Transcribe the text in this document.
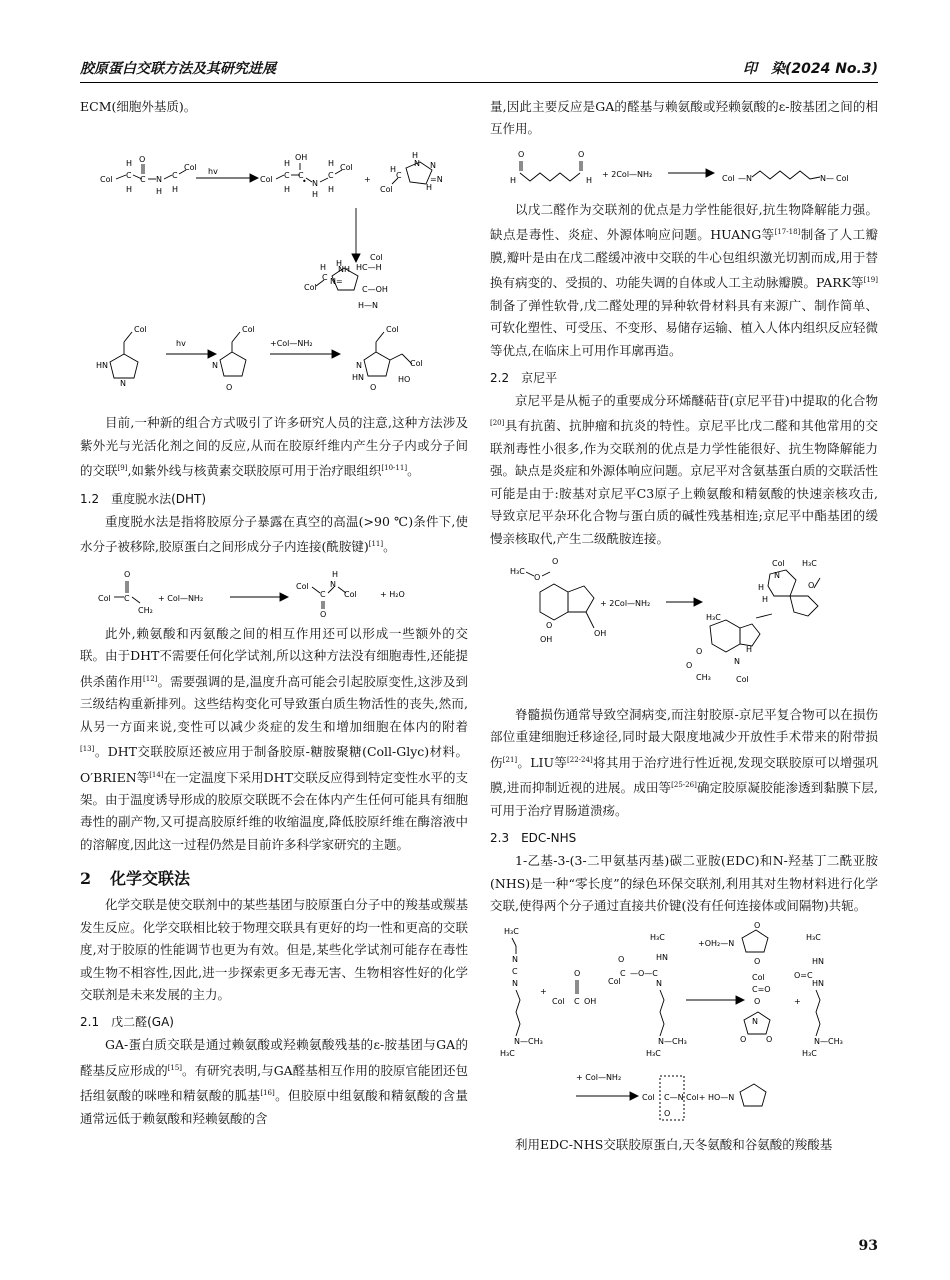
胶原蛋白交联方法及其研究进展	印　染(2024 No.3)

ECM(细胞外基质)。

Col C
H
H
C
O
N
H
C
H
Col hv
Col C
H
H
C
OH
• N
H
C
H
H Col
+
Col
C
H
H
N N
H
=N
Col
C
H H
NH
N=
Col
HC—H
C—OH
H—N
Col
HN
N
hv
Col
N
O
+Col—NH₂
Col
N
O
HN
Col
HO

目前,一种新的组合方式吸引了许多研究人员的注意,这种方法涉及紫外光与光活化剂之间的反应,从而在胶原纤维内产生分子内或分子间的交联[9],如紫外线与核黄素交联胶原可用于治疗眼组织[10-11]。

1.2　重度脱水法(DHT)

重度脱水法是指将胶原分子暴露在真空的高温(>90 ℃)条件下,使水分子被移除,胶原蛋白之间形成分子内连接(酰胺键)[11]。

Col C
O
CH₂
+ Col—NH₂
Col
C
O
H
N
Col	+ H₂O

此外,赖氨酸和丙氨酸之间的相互作用还可以形成一些额外的交联。由于DHT不需要任何化学试剂,所以这种方法没有细胞毒性,还能提供杀菌作用[12]。需要强调的是,温度升高可能会引起胶原变性,这涉及到三级结构重新排列。这些结构变化可导致蛋白质生物活性的丧失,然而,从另一方面来说,变性可以减少炎症的发生和增加细胞在体内的附着[13]。DHT交联胶原还被应用于制备胶原-糖胺聚糖(Coll-Glyc)材料。O′BRIEN等[14]在一定温度下采用DHT交联反应得到特定变性水平的支架。由于温度诱导形成的胶原交联既不会在体内产生任何可能具有细胞毒性的副产物,又可提高胶原纤维的收缩温度,降低胶原纤维在酶溶液中的溶解度,因此这一过程仍然是目前许多科学家研究的主题。

2 化学交联法

化学交联是使交联剂中的某些基团与胶原蛋白分子中的羧基或羰基发生反应。化学交联相比较于物理交联具有更好的均一性和更高的交联度,对于胶原的性能调节也更为有效。但是,某些化学试剂可能存在毒性或生物不相容性,因此,进一步探索更多无毒无害、生物相容性好的化学交联剂是未来发展的主力。

2.1　戊二醛(GA)

GA-蛋白质交联是通过赖氨酸或羟赖氨酸残基的ε-胺基团与GA的醛基反应形成的[15]。有研究表明,与GA醛基相互作用的胶原官能团还包括组氨酸的咪唑和精氨酸的胍基[16]。但胶原中组氨酸和精氨酸的含量通常远低于赖氨酸和羟赖氨酸的含

量,因此主要反应是GA的醛基与赖氨酸或羟赖氨酸的ε-胺基团之间的相互作用。

O
H
O
H
+ 2Col—NH₂	Col —N	N— Col

以戊二醛作为交联剂的优点是力学性能很好,抗生物降解能力强。缺点是毒性、炎症、外源体响应问题。HUANG等[17-18]制备了人工瓣膜,瓣叶是由在戊二醛缓冲液中交联的牛心包组织激光切割而成,用于替换有病变的、受损的、功能失调的自体或人工主动脉瓣膜。PARK等[19]制备了弹性软骨,戊二醛处理的异种软骨材料具有来源广、制作简单、可软化塑性、可受压、不变形、易储存运输、植入人体内组织反应轻微等优点,在临床上可用作耳廓再造。

2.2　京尼平

京尼平是从栀子的重要成分环烯醚萜苷(京尼平苷)中提取的化合物[20]具有抗菌、抗肿瘤和抗炎的特性。京尼平比戊二醛和其他常用的交联剂毒性小很多,作为交联剂的优点是力学性能很好、抗生物降解能力强。缺点是炎症和外源体响应问题。京尼平对含氨基蛋白质的交联活性可能是由于:胺基对京尼平C3原子上赖氨酸和精氨酸的快速亲核攻击,导致京尼平杂环化合物与蛋白质的碱性残基相连;京尼平中酯基团的缓慢亲核取代,产生二级酰胺连接。

H₃C
O
O
O
OH
OH
+ 2Col—NH₂
Col H₃C
N
H
H
O
H₃C
H
N
O
O
CH₃	Col

脊髓损伤通常导致空洞病变,而注射胶原-京尼平复合物可以在损伤部位重建细胞迁移途径,同时最大限度地减少开放性手术带来的附带损伤[21]。LIU等[22-24]将其用于治疗进行性近视,发现交联胶原可以增强巩膜,进而抑制近视的进展。成田等[25-26]确定胶原凝胶能渗透到黏膜下层,可用于治疗胃肠道溃疡。

2.3　EDC-NHS

1-乙基-3-(3-二甲氨基丙基)碳二亚胺(EDC)和N-羟基丁二酰亚胺(NHS)是一种“零长度”的绿色环保交联剂,利用其对生物材料进行化学交联,使得两个分子通过直接共价键(没有任何连接体或间隔物)共轭。

H₃C
N
C
N
N—CH₃
H₃C
+
Col
O
C OH
H₃C
HN
O
C
Col
—O—C
N
N—CH₃
H₃C
+OH₂—N
O
O
Col
C=O
O
N
O O
+
H₃C
HN
O=C
HN
N—CH₃
H₃C
+ Col—NH₂
Col C—N
O
Col+ HO—N

利用EDC-NHS交联胶原蛋白,天冬氨酸和谷氨酸的羧酸基

93
